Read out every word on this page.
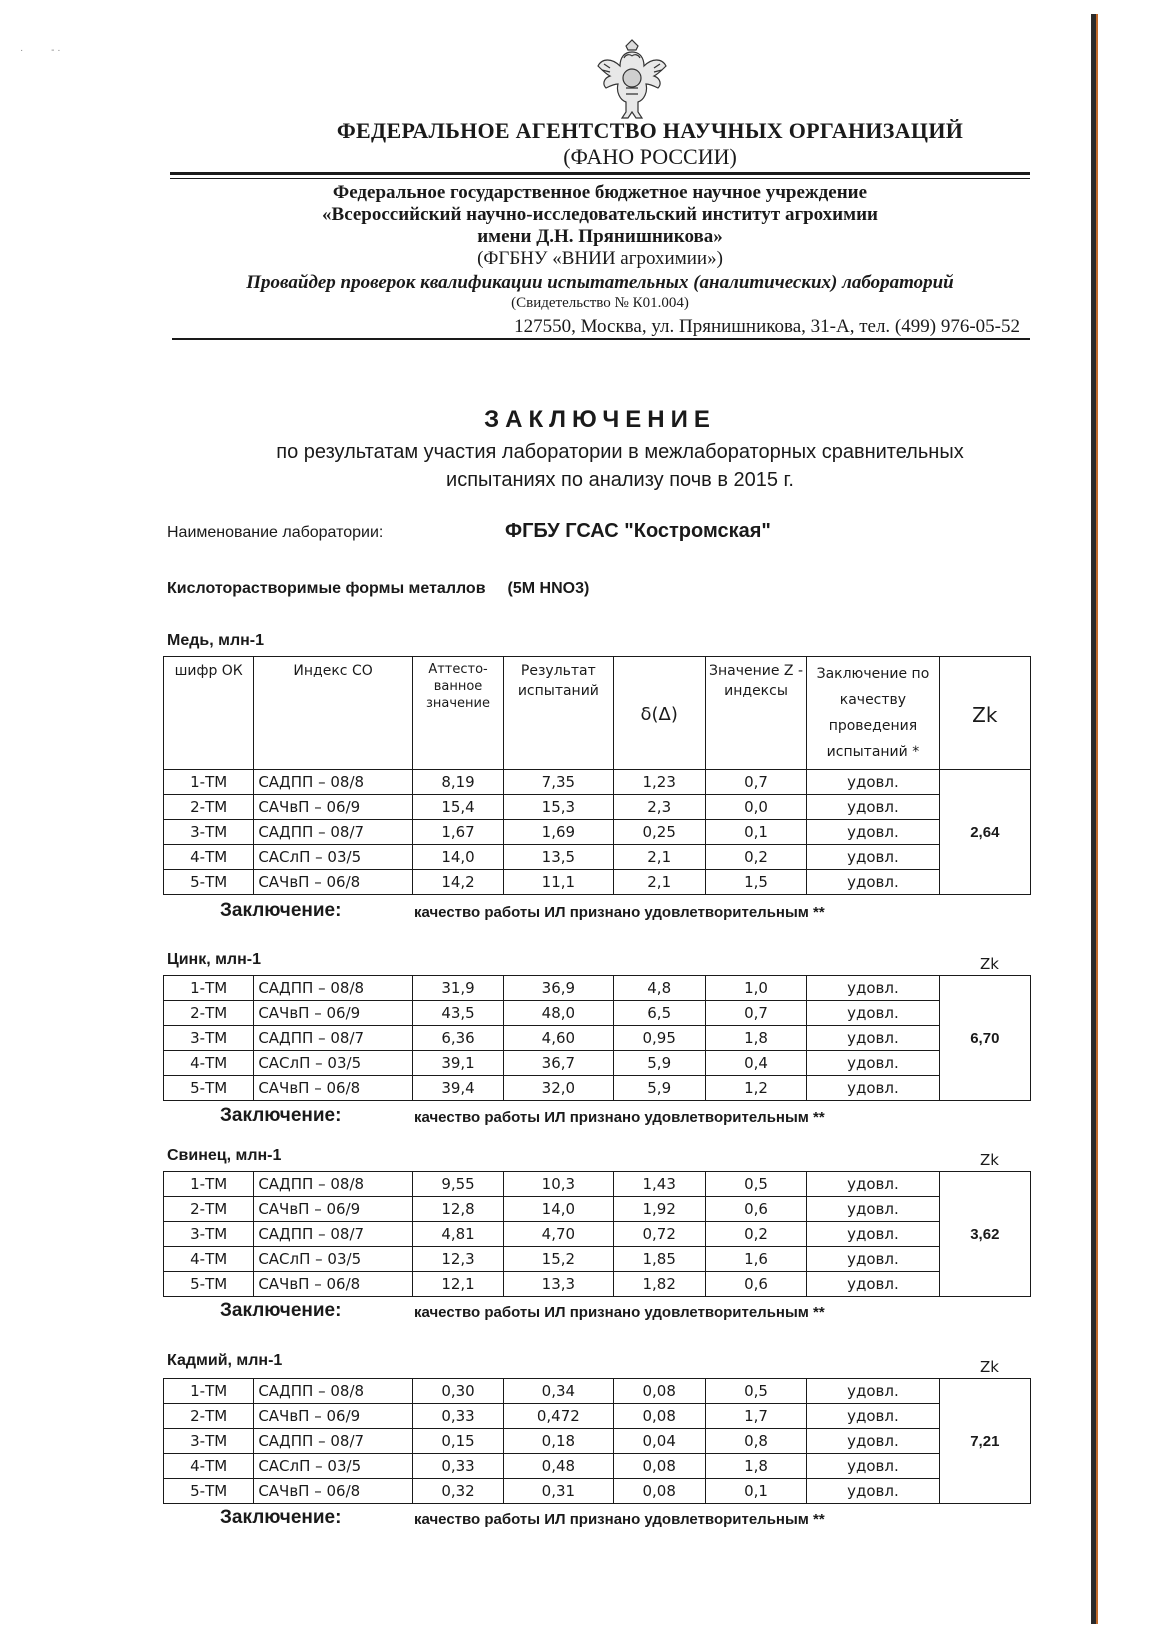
·          - ·
ФЕДЕРАЛЬНОЕ АГЕНТСТВО НАУЧНЫХ ОРГАНИЗАЦИЙ
(ФАНО РОССИИ)
Федеральное государственное бюджетное научное учреждение
«Всероссийский научно-исследовательский институт агрохимии
имени Д.Н. Прянишникова»
(ФГБНУ «ВНИИ агрохимии»)
Провайдер проверок квалификации испытательных (аналитических) лабораторий
(Свидетельство № К01.004)
127550, Москва, ул. Прянишникова, 31-А, тел. (499) 976-05-52
ЗАКЛЮЧЕНИЕ
по результатам участия лаборатории в межлабораторных сравнительных
испытаниях по анализу почв в 2015 г.
Наименование лаборатории:	ФГБУ ГСАС "Костромская"
Кислоторастворимые формы металлов (5М HNO3)
Медь, млн-1
шифр ОК	Индекс СО	Аттесто-ванное значение	Результат испытаний	δ(Δ)	Значение Z - индексы	Заключение по качеству проведения испытаний *	Zk
1-ТМ	САДПП – 08/8	8,19	7,35	1,23	0,7	удовл.	2,64
2-ТМ	САЧвП – 06/9	15,4	15,3	2,3	0,0	удовл.	
3-ТМ	САДПП – 08/7	1,67	1,69	0,25	0,1	удовл.	
4-ТМ	САСлП – 03/5	14,0	13,5	2,1	0,2	удовл.	
5-ТМ	САЧвП – 06/8	14,2	11,1	2,1	1,5	удовл.	
Заключение:	качество работы ИЛ признано удовлетворительным **
Цинк, млн-1	Zk
1-ТМ	САДПП – 08/8	31,9	36,9	4,8	1,0	удовл.	6,70
2-ТМ	САЧвП – 06/9	43,5	48,0	6,5	0,7	удовл.	
3-ТМ	САДПП – 08/7	6,36	4,60	0,95	1,8	удовл.	
4-ТМ	САСлП – 03/5	39,1	36,7	5,9	0,4	удовл.	
5-ТМ	САЧвП – 06/8	39,4	32,0	5,9	1,2	удовл.	
Заключение:	качество работы ИЛ признано удовлетворительным **
Свинец, млн-1	Zk
1-ТМ	САДПП – 08/8	9,55	10,3	1,43	0,5	удовл.	3,62
2-ТМ	САЧвП – 06/9	12,8	14,0	1,92	0,6	удовл.	
3-ТМ	САДПП – 08/7	4,81	4,70	0,72	0,2	удовл.	
4-ТМ	САСлП – 03/5	12,3	15,2	1,85	1,6	удовл.	
5-ТМ	САЧвП – 06/8	12,1	13,3	1,82	0,6	удовл.	
Заключение:	качество работы ИЛ признано удовлетворительным **
Кадмий, млн-1	Zk
1-ТМ	САДПП – 08/8	0,30	0,34	0,08	0,5	удовл.	7,21
2-ТМ	САЧвП – 06/9	0,33	0,472	0,08	1,7	удовл.	
3-ТМ	САДПП – 08/7	0,15	0,18	0,04	0,8	удовл.	
4-ТМ	САСлП – 03/5	0,33	0,48	0,08	1,8	удовл.	
5-ТМ	САЧвП – 06/8	0,32	0,31	0,08	0,1	удовл.	
Заключение:	качество работы ИЛ признано удовлетворительным **
